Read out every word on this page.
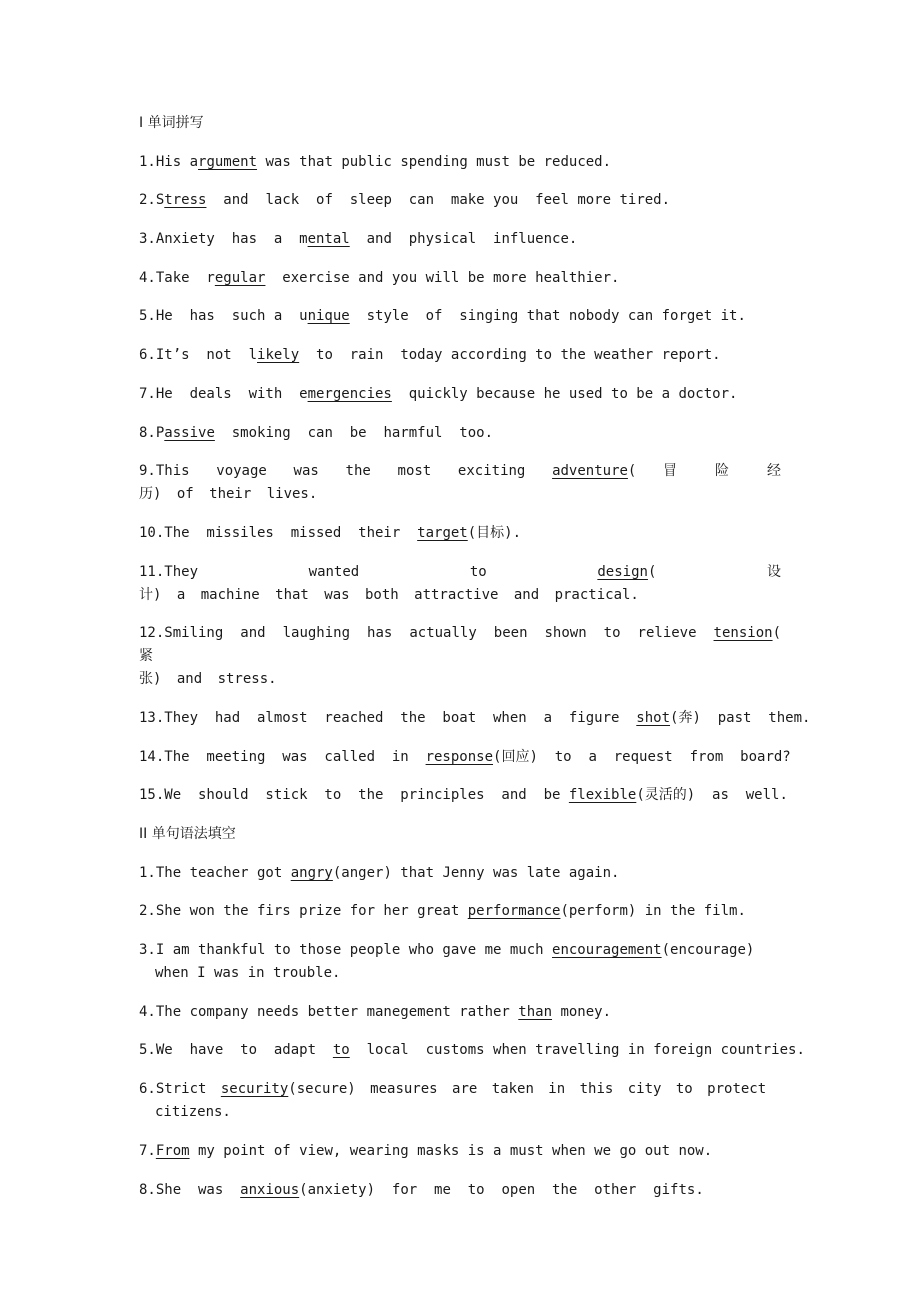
I 单词拼写
1.His argument was that public spending must be reduced.
2.Stress  and  lack  of  sleep  can  make you  feel more tired.
3.Anxiety  has  a  mental  and  physical  influence.
4.Take  regular  exercise and you will be more healthier.
5.He  has  such a  unique  style  of  singing that nobody can forget it.
6.It’s  not  likely  to  rain  today according to the weather report.
7.He  deals  with  emergencies  quickly because he used to be a doctor.
8.Passive  smoking  can  be  harmful  too.
9.This voyage was the most exciting adventure( 冒 险 经
历) of their lives.
10.The  missiles  missed  their  target(目标).
11.They wanted to design( 设
计) a machine that was both attractive and practical.
12.Smiling and laughing has actually been shown to relieve tension( 紧
张) and stress.
13.They  had  almost  reached  the  boat  when  a  figure  shot(奔)  past  them.
14.The  meeting  was  called  in  response(回应)  to  a  request  from  board?
15.We  should  stick  to  the  principles  and  be flexible(灵活的)  as  well.
II 单句语法填空
1.The teacher got angry(anger) that Jenny was late again.
2.She won the firs prize for her great performance(perform) in the film.
3.I am thankful to those people who gave me much encouragement(encourage) when I was in trouble.
4.The company needs better manegement rather than money.
5.We  have  to  adapt  to  local  customs when travelling in foreign countries.
6.Strict security(secure) measures are taken in this city to protect citizens.
7.From my point of view, wearing masks is a must when we go out now.
8.She  was  anxious(anxiety)  for  me  to  open  the  other  gifts.
